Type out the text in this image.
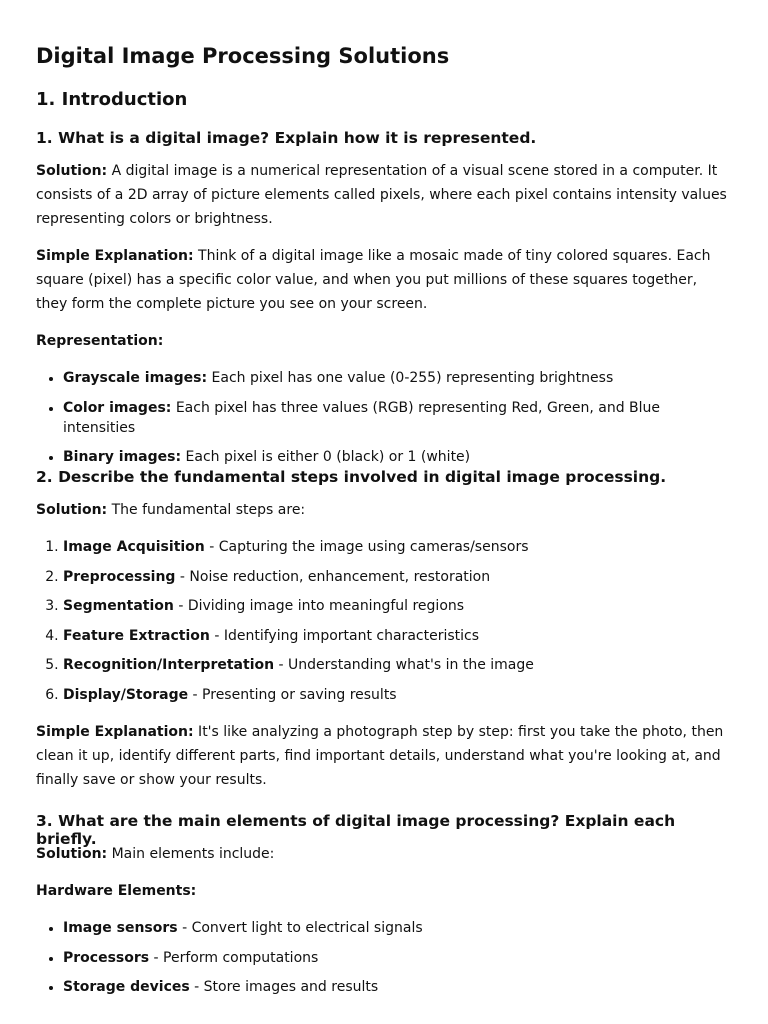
Digital Image Processing Solutions
1. Introduction
1. What is a digital image? Explain how it is represented.

Solution: A digital image is a numerical representation of a visual scene stored in a computer. It consists of a 2D array of picture elements called pixels, where each pixel contains intensity values representing colors or brightness.

Simple Explanation: Think of a digital image like a mosaic made of tiny colored squares. Each square (pixel) has a specific color value, and when you put millions of these squares together, they form the complete picture you see on your screen.

Representation:

• Grayscale images: Each pixel has one value (0-255) representing brightness
• Color images: Each pixel has three values (RGB) representing Red, Green, and Blue intensities
• Binary images: Each pixel is either 0 (black) or 1 (white)
2. Describe the fundamental steps involved in digital image processing.

Solution: The fundamental steps are:

1. Image Acquisition - Capturing the image using cameras/sensors
2. Preprocessing - Noise reduction, enhancement, restoration
3. Segmentation - Dividing image into meaningful regions
4. Feature Extraction - Identifying important characteristics
5. Recognition/Interpretation - Understanding what's in the image
6. Display/Storage - Presenting or saving results

Simple Explanation: It's like analyzing a photograph step by step: first you take the photo, then clean it up, identify different parts, find important details, understand what you're looking at, and finally save or show your results.

3. What are the main elements of digital image processing? Explain each briefly.

Solution: Main elements include:

Hardware Elements:

• Image sensors - Convert light to electrical signals
• Processors - Perform computations
• Storage devices - Store images and results
